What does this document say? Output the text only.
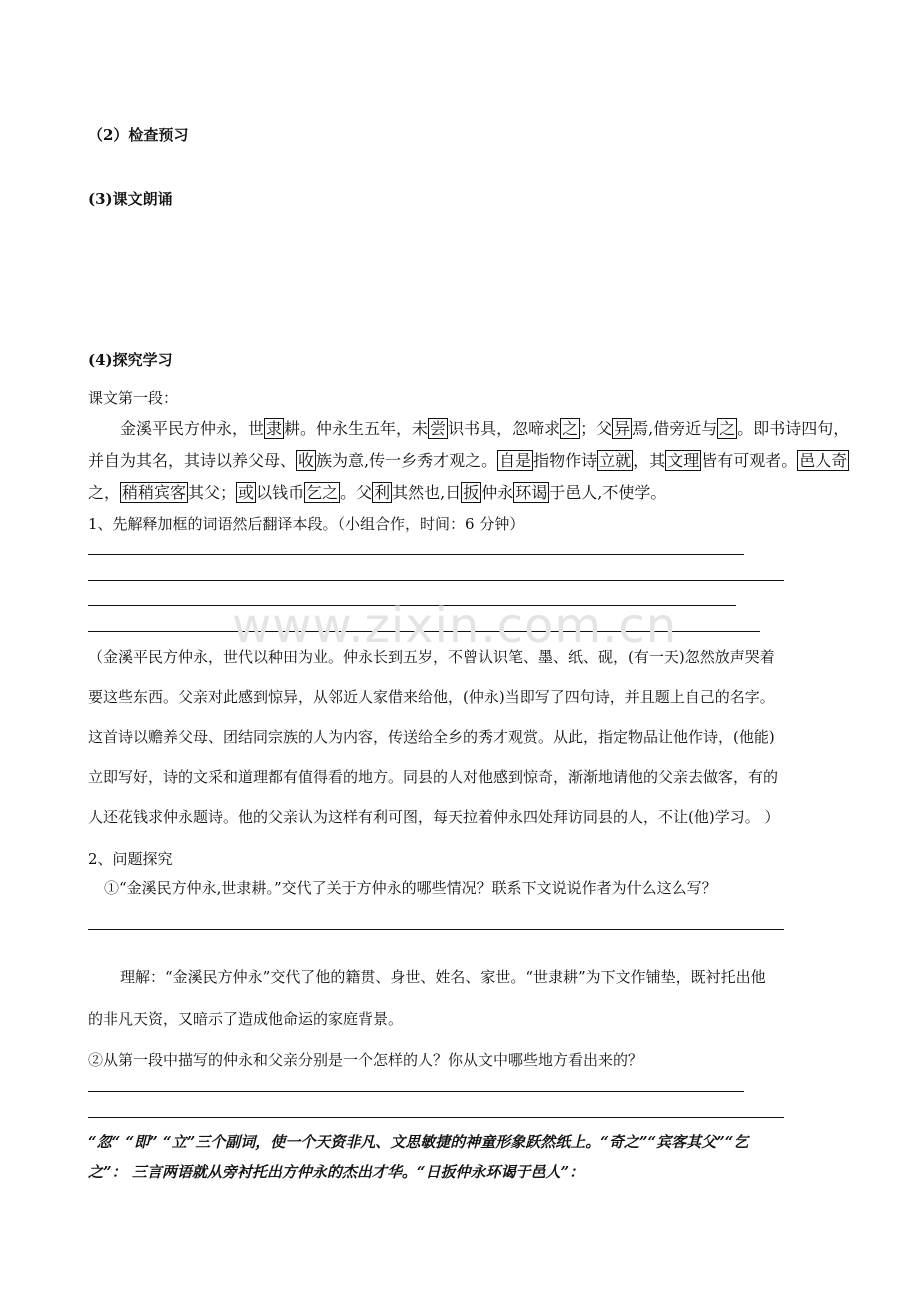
（2）检查预习
(3)课文朗诵
(4)探究学习
课文第一段：
金溪平民方仲永，世 隶 耕。仲永生五年，未 尝 识书具，忽啼求 之 ；父 异 焉,借旁近与 之 。即书诗四句，
并自为其名，其诗以养父母、 收 族为意,传一乡秀才观之。 自是 指物作诗 立就 ，其 文理 皆有可观者。 邑人奇
之， 稍稍宾客 其父； 或 以钱币 乞之 。父 利 其然也,日 扳 仲永 环谒 于邑人,不使学。
1、先解释加框的词语然后翻译本段。（小组合作，时间：6 分钟）
www.zixin.com.cn
（金溪平民方仲永，世代以种田为业。仲永长到五岁，不曾认识笔、墨、纸、砚，(有一天)忽然放声哭着
要这些东西。父亲对此感到惊异，从邻近人家借来给他，(仲永)当即写了四句诗，并且题上自己的名字。
这首诗以赡养父母、团结同宗族的人为内容，传送给全乡的秀才观赏。从此，指定物品让他作诗，(他能)
立即写好，诗的文采和道理都有值得看的地方。同县的人对他感到惊奇，渐渐地请他的父亲去做客，有的
人还花钱求仲永题诗。他的父亲认为这样有利可图，每天拉着仲永四处拜访同县的人，不让(他)学习。 ）
2、问题探究
①“金溪民方仲永,世隶耕。”交代了关于方仲永的哪些情况？联系下文说说作者为什么这么写？
理解：“金溪民方仲永”交代了他的籍贯、身世、姓名、家世。“世隶耕”为下文作铺垫，既衬托出他
的非凡天资，又暗示了造成他命运的家庭背景。
②从第一段中描写的仲永和父亲分别是一个怎样的人？你从文中哪些地方看出来的？
“忽“ “即” “立”三个副词，使一个天资非凡、文思敏捷的神童形象跃然纸上。“奇之”“宾客其父”“乞
之”： 三言两语就从旁衬托出方仲永的杰出才华。“日扳仲永环谒于邑人”：
